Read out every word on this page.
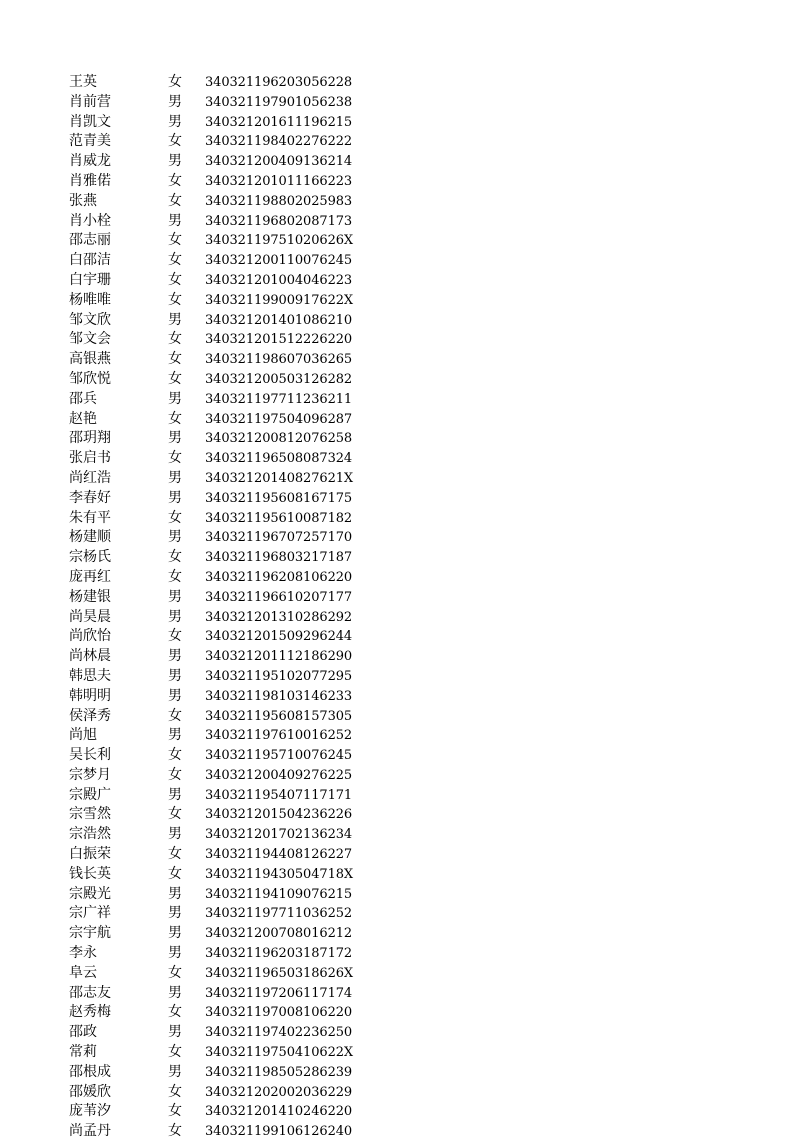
王英	女	340321196203056228
肖前营	男	340321197901056238
肖凯文	男	340321201611196215
范青美	女	340321198402276222
肖威龙	男	340321200409136214
肖雅偌	女	340321201011166223
张燕	女	340321198802025983
肖小栓	男	340321196802087173
邵志丽	女	34032119751020626X
白邵洁	女	340321200110076245
白宇珊	女	340321201004046223
杨唯唯	女	34032119900917622X
邹文欣	男	340321201401086210
邹文会	女	340321201512226220
高银燕	女	340321198607036265
邹欣悦	女	340321200503126282
邵兵	男	340321197711236211
赵艳	女	340321197504096287
邵玥翔	男	340321200812076258
张启书	女	340321196508087324
尚红浩	男	34032120140827621X
李春好	男	340321195608167175
朱有平	女	340321195610087182
杨建顺	男	340321196707257170
宗杨氏	女	340321196803217187
庞再红	女	340321196208106220
杨建银	男	340321196610207177
尚昊晨	男	340321201310286292
尚欣怡	女	340321201509296244
尚林晨	男	340321201112186290
韩思夫	男	340321195102077295
韩明明	男	340321198103146233
侯泽秀	女	340321195608157305
尚旭	男	340321197610016252
吴长利	女	340321195710076245
宗梦月	女	340321200409276225
宗殿广	男	340321195407117171
宗雪然	女	340321201504236226
宗浩然	男	340321201702136234
白振荣	女	340321194408126227
钱长英	女	34032119430504718X
宗殿光	男	340321194109076215
宗广祥	男	340321197711036252
宗宇航	男	340321200708016212
李永	男	340321196203187172
阜云	女	34032119650318626X
邵志友	男	340321197206117174
赵秀梅	女	340321197008106220
邵政	男	340321197402236250
常莉	女	34032119750410622X
邵根成	男	340321198505286239
邵媛欣	女	340321202002036229
庞苇汐	女	340321201410246220
尚孟丹	女	340321199106126240
